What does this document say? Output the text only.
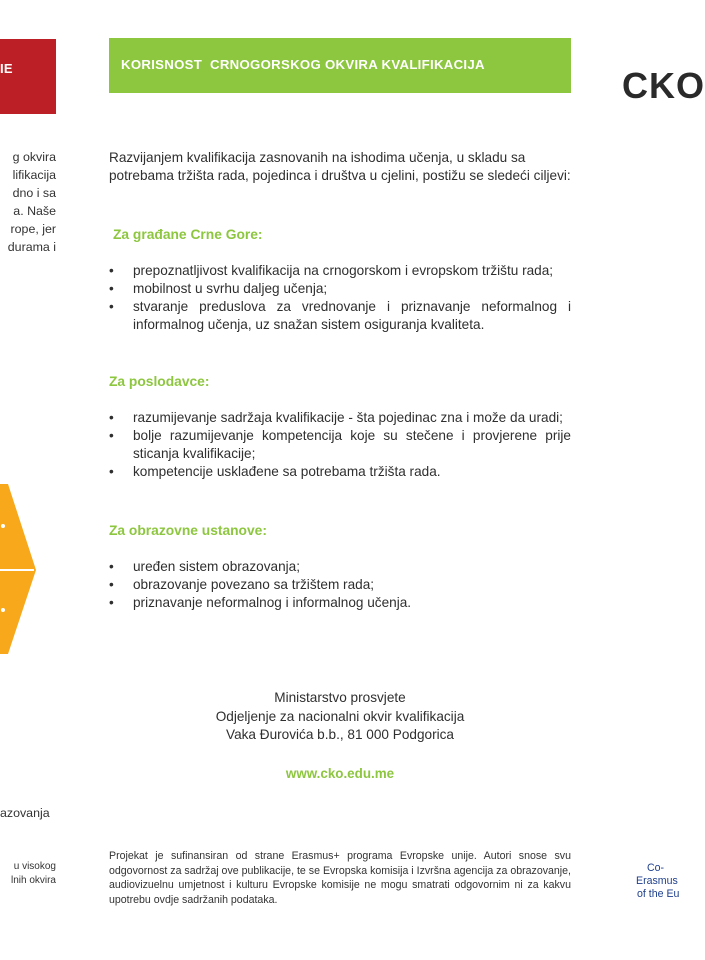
IE
g okvira
lifikacija
dno i sa
a. Naše
rope, jer
durama i
azovanja
u visokog
lnih okvira
KORISNOST  CRNOGORSKOG OKVIRA KVALIFIKACIJA

Razvijanjem kvalifikacija zasnovanih na ishodima učenja, u skladu sa potrebama tržišta rada, pojedinca i društva u cjelini, postižu se sledeći ciljevi:

Za građane Crne Gore:
• prepoznatljivost kvalifikacija na crnogorskom i evropskom tržištu rada;
• mobilnost u svrhu daljeg učenja;
• stvaranje preduslova za vrednovanje i priznavanje neformalnog i informalnog učenja, uz snažan sistem osiguranja kvaliteta.
Za poslodavce:
• razumijevanje sadržaja kvalifikacije - šta pojedinac zna i može da uradi;
• bolje razumijevanje kompetencija koje su stečene i provjerene prije sticanja kvalifikacije;
• kompetencije usklađene sa potrebama tržišta rada.
Za obrazovne ustanove:
• uređen sistem obrazovanja;
• obrazovanje povezano sa tržištem rada;
• priznavanje neformalnog i informalnog učenja.
Ministarstvo prosvjete
Odjeljenje za nacionalni okvir kvalifikacija
Vaka Đurovića b.b., 81 000 Podgorica
www.cko.edu.me

Projekat je sufinansiran od strane Erasmus+ programa Evropske unije. Autori snose svu odgovornost za sadržaj ove publikacije, te se Evropska komisija i Izvršna agencija za obrazovanje, audiovizuelnu umjetnost i kulturu Evropske komisije ne mogu smatrati odgovornim ni za kakvu upotrebu ovdje sadržanih podataka.

CKO
Co-
Erasmus
of the Eu
